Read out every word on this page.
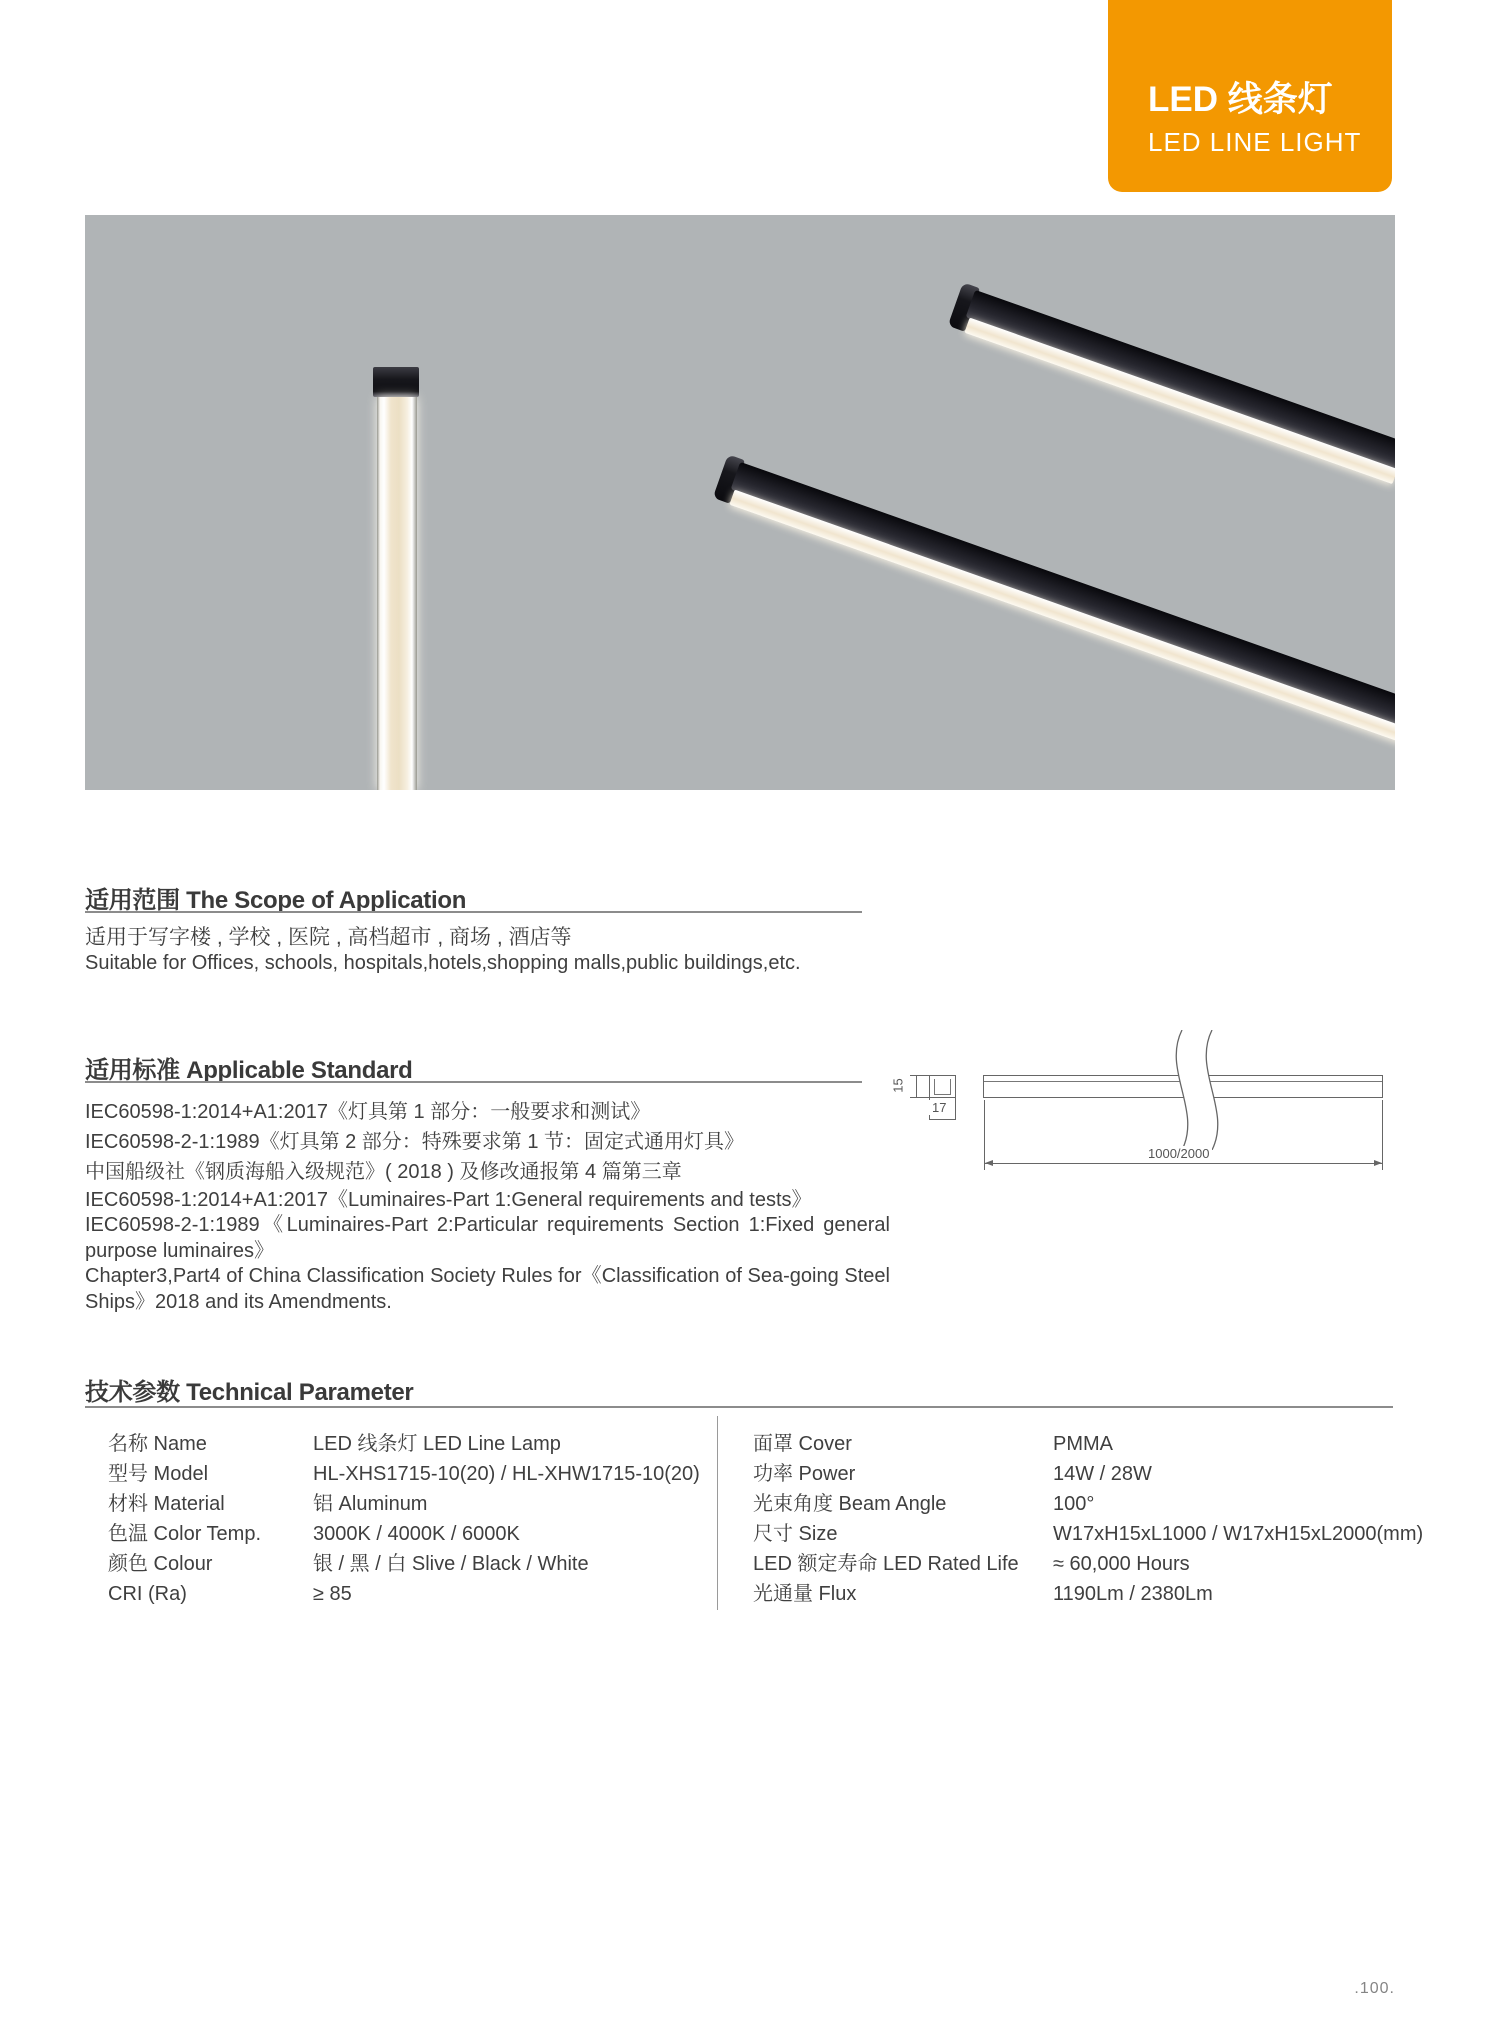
LED 线条灯
LED LINE LIGHT
适用范围 The Scope of Application
适用于写字楼 , 学校 , 医院 , 高档超市 , 商场 , 酒店等
Suitable for Offices, schools, hospitals,hotels,shopping malls,public buildings,etc.
适用标准 Applicable Standard
IEC60598-1:2014+A1:2017《灯具第 1 部分：一般要求和测试》
IEC60598-2-1:1989《灯具第 2 部分：特殊要求第 1 节：固定式通用灯具》
中国船级社《钢质海船入级规范》( 2018 ) 及修改通报第 4 篇第三章
IEC60598-1:2014+A1:2017《Luminaires-Part 1:General requirements and tests》
IEC60598-2-1:1989《Luminaires-Part 2:Particular requirements Section 1:Fixed general purpose luminaires》
Chapter3,Part4 of China Classification Society Rules for《Classification of Sea-going Steel Ships》2018 and its Amendments.
15
17
1000/2000
技术参数 Technical Parameter
名称 Name	LED 线条灯 LED Line Lamp
型号 Model	HL-XHS1715-10(20) / HL-XHW1715-10(20)
材料 Material	铝 Aluminum
色温 Color Temp.	3000K / 4000K / 6000K
颜色 Colour	银 / 黑 / 白 Slive / Black / White
CRI (Ra)	≥ 85
面罩 Cover	PMMA
功率 Power	14W / 28W
光束角度 Beam Angle	100°
尺寸 Size	W17xH15xL1000 / W17xH15xL2000(mm)
LED 额定寿命 LED Rated Life ≈ 60,000 Hours
光通量 Flux	1190Lm / 2380Lm
.100.
